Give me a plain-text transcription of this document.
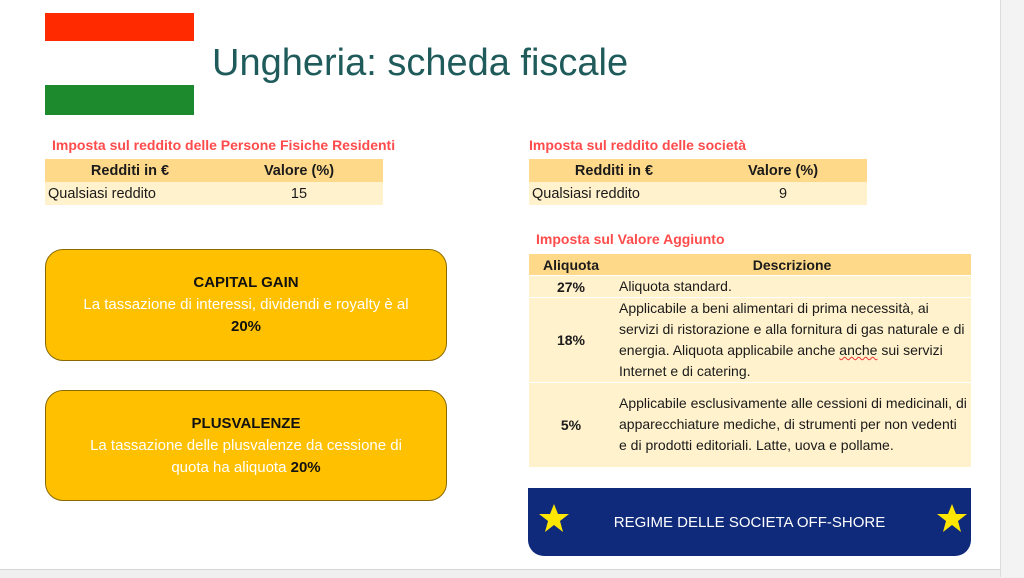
Ungheria: scheda fiscale
Imposta sul reddito delle Persone Fisiche Residenti
Redditi in €	Valore (%)
Qualsiasi reddito	15
Imposta sul reddito delle società
Redditi in €	Valore (%)
Qualsiasi reddito	9
Imposta sul Valore Aggiunto
Aliquota	Descrizione
27%	Aliquota standard.
18%	Applicabile a beni alimentari di prima necessità, ai servizi di ristorazione e alla fornitura di gas naturale e di energia. Aliquota applicabile anche anche sui servizi Internet e di catering.
5%	Applicabile esclusivamente alle cessioni di medicinali, di apparecchiature mediche, di strumenti per non vedenti e di prodotti editoriali. Latte, uova e pollame.
CAPITAL GAIN
La tassazione di interessi, dividendi e royalty è al
20%
PLUSVALENZE
La tassazione delle plusvalenze da cessione di
quota ha aliquota 20%
REGIME DELLE SOCIETA OFF-SHORE
